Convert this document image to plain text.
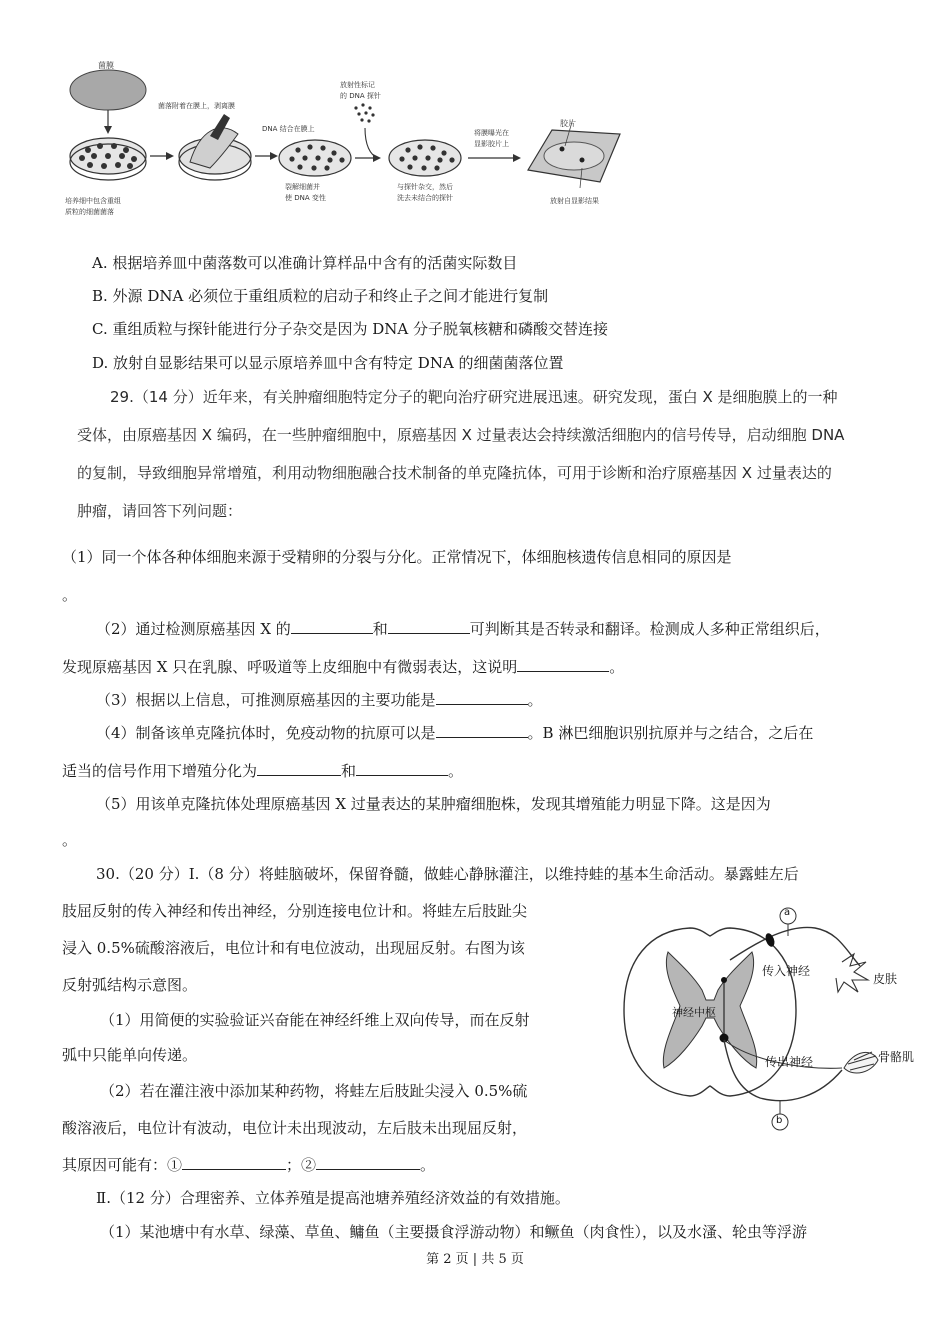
菌膜
菌落附着在膜上，剥离膜
DNA 结合在膜上
裂解细菌并
使 DNA 变性
放射性标记
的 DNA 探针
与探针杂交，然后
洗去未结合的探针
将膜曝光在
显影胶片上
胶片
放射自显影结果
培养细中包含重组
质粒的细菌菌落
A. 根据培养皿中菌落数可以准确计算样品中含有的活菌实际数目
B. 外源 DNA 必须位于重组质粒的启动子和终止子之间才能进行复制
C. 重组质粒与探针能进行分子杂交是因为 DNA 分子脱氧核糖和磷酸交替连接
D. 放射自显影结果可以显示原培养皿中含有特定 DNA 的细菌菌落位置
29.（14 分）近年来，有关肿瘤细胞特定分子的靶向治疗研究进展迅速。研究发现，蛋白 X 是细胞膜上的一种
受体，由原癌基因 X 编码，在一些肿瘤细胞中，原癌基因 X 过量表达会持续激活细胞内的信号传导，启动细胞 DNA
的复制，导致细胞异常增殖，利用动物细胞融合技术制备的单克隆抗体，可用于诊断和治疗原癌基因 X 过量表达的
肿瘤，请回答下列问题：
（1）同一个体各种体细胞来源于受精卵的分裂与分化。正常情况下，体细胞核遗传信息相同的原因是
。
（2）通过检测原癌基因 X 的	和	可判断其是否转录和翻译。检测成人多种正常组织后，
发现原癌基因 X 只在乳腺、呼吸道等上皮细胞中有微弱表达，这说明	。
（3）根据以上信息，可推测原癌基因的主要功能是	。
（4）制备该单克隆抗体时，免疫动物的抗原可以是	。B 淋巴细胞识别抗原并与之结合，之后在
适当的信号作用下增殖分化为	和	。
（5）用该单克隆抗体处理原癌基因 X 过量表达的某肿瘤细胞株，发现其增殖能力明显下降。这是因为
。
30.（20 分）Ⅰ.（8 分）将蛙脑破坏，保留脊髓，做蛙心静脉灌注，以维持蛙的基本生命活动。暴露蛙左后
肢屈反射的传入神经和传出神经，分别连接电位计和。将蛙左后肢趾尖
浸入 0.5%硫酸溶液后，电位计和有电位波动，出现屈反射。右图为该
反射弧结构示意图。
（1）用简便的实验验证兴奋能在神经纤维上双向传导，而在反射
弧中只能单向传递。
（2）若在灌注液中添加某种药物，将蛙左后肢趾尖浸入 0.5%硫
酸溶液后，电位计有波动，电位计未出现波动，左后肢未出现屈反射，
其原因可能有：①	；②	。
Ⅱ.（12 分）合理密养、立体养殖是提高池塘养殖经济效益的有效措施。
（1）某池塘中有水草、绿藻、草鱼、鳙鱼（主要摄食浮游动物）和鳜鱼（肉食性），以及水溞、轮虫等浮游
神经中枢
传入神经
传出神经
皮肤
骨骼肌
a
b
第 2 页 | 共 5 页
